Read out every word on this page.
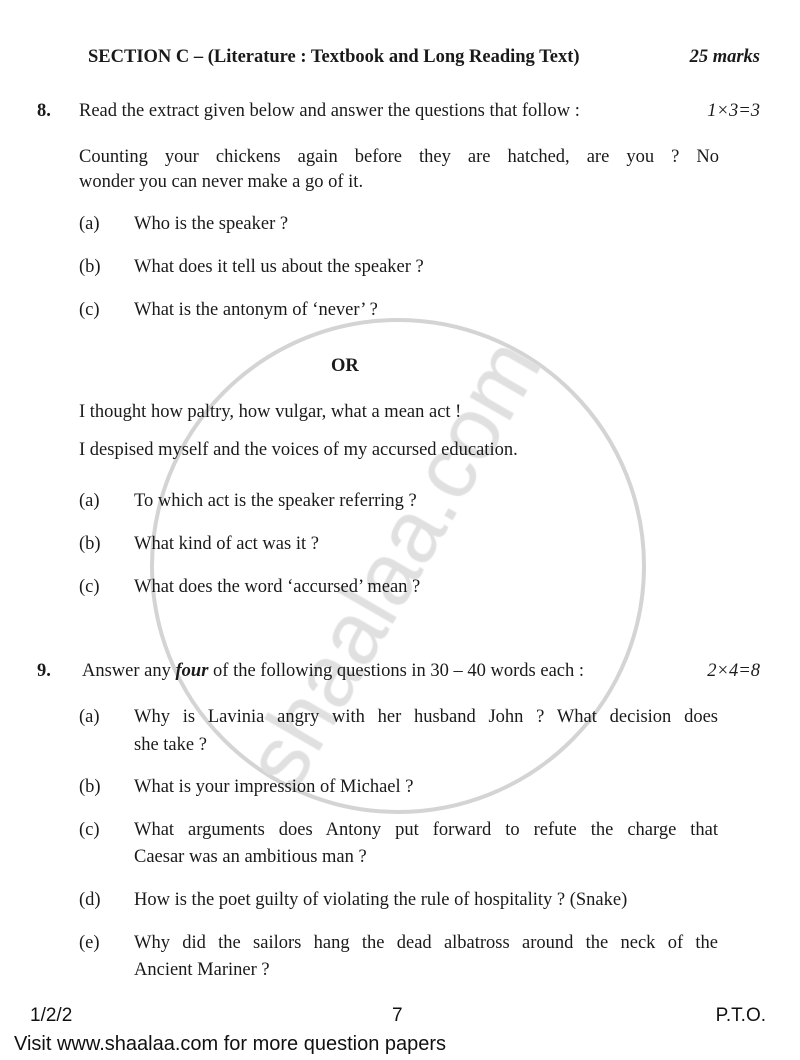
SECTION C – (Literature : Textbook and Long Reading Text)	25 marks
8. Read the extract given below and answer the questions that follow :	1×3=3
Counting your chickens again before they are hatched, are you ? No
wonder you can never make a go of it.
(a) Who is the speaker ?
(b) What does it tell us about the speaker ?
(c) What is the antonym of ‘never’ ?
OR
I thought how paltry, how vulgar, what a mean act !
I despised myself and the voices of my accursed education.
(a) To which act is the speaker referring ?
(b) What kind of act was it ?
(c) What does the word ‘accursed’ mean ?
9. Answer any four of the following questions in 30 – 40 words each :	2×4=8
(a) Why is Lavinia angry with her husband John ? What decision does
she take ?
(b) What is your impression of Michael ?
(c) What arguments does Antony put forward to refute the charge that
Caesar was an ambitious man ?
(d) How is the poet guilty of violating the rule of hospitality ? (Snake)
(e) Why did the sailors hang the dead albatross around the neck of the
Ancient Mariner ?
1/2/2	7	P.T.O.
Visit www.shaalaa.com for more question papers
